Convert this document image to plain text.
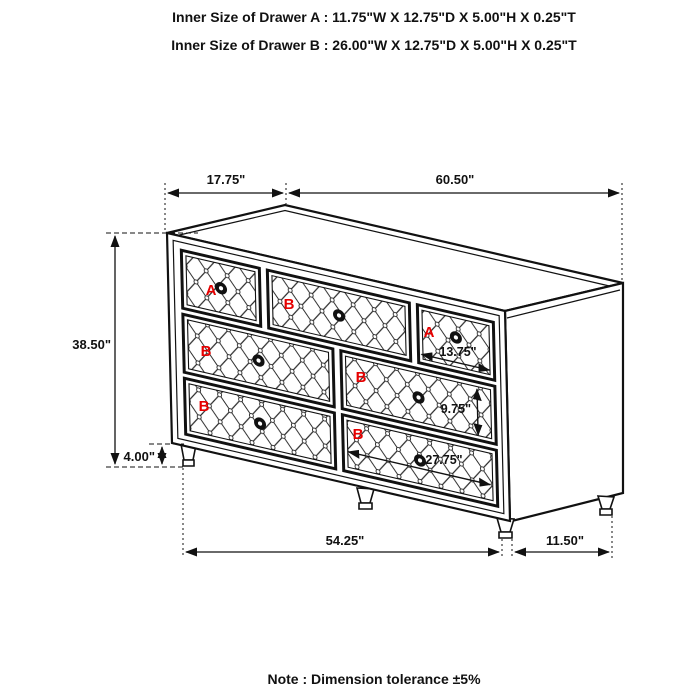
Inner Size of Drawer A : 11.75"W X 12.75"D X 5.00"H X 0.25"T
Inner Size of Drawer B : 26.00"W X 12.75"D X 5.00"H X 0.25"T
17.75"	60.50"
A
B
A
B
B
B
B
13.75"
9.75"
27.75"
38.50"
4.00"
54.25"	11.50"
Note : Dimension tolerance ±5%
